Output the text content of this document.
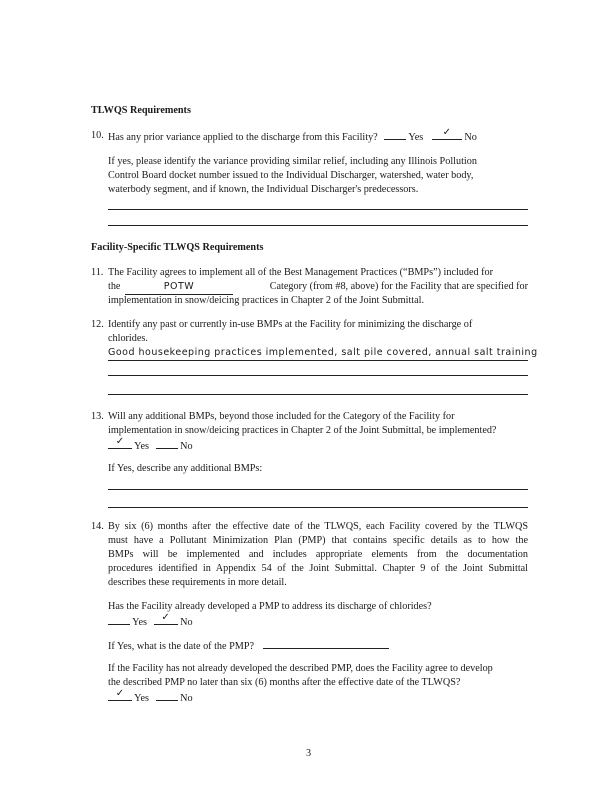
TLWQS Requirements
10. Has any prior variance applied to the discharge from this Facility?	Yes ✓ No
If yes, please identify the variance providing similar relief, including any Illinois Pollution
Control Board docket number issued to the Individual Discharger, watershed, water body,
waterbody segment, and if known, the Individual Discharger's predecessors.
Facility-Specific TLWQS Requirements
11. The Facility agrees to implement all of the Best Management Practices (“BMPs”) included for
the	POTW	Category (from #8, above) for the Facility that are specified for
implementation in snow/deicing practices in Chapter 2 of the Joint Submittal.
12. Identify any past or currently in-use BMPs at the Facility for minimizing the discharge of
chlorides.
Good housekeeping practices implemented, salt pile covered, annual salt training
13. Will any additional BMPs, beyond those included for the Category of the Facility for
implementation in snow/deicing practices in Chapter 2 of the Joint Submittal, be implemented?
✓ Yes	No
If Yes, describe any additional BMPs:
14. By six (6) months after the effective date of the TLWQS, each Facility covered by the TLWQS
must have a Pollutant Minimization Plan (PMP) that contains specific details as to how the
BMPs will be implemented and includes appropriate elements from the documentation
procedures identified in Appendix 54 of the Joint Submittal. Chapter 9 of the Joint Submittal
describes these requirements in more detail.
Has the Facility already developed a PMP to address its discharge of chlorides?
Yes ✓ No
If Yes, what is the date of the PMP?
If the Facility has not already developed the described PMP, does the Facility agree to develop
the described PMP no later than six (6) months after the effective date of the TLWQS?
✓ Yes	No
3
